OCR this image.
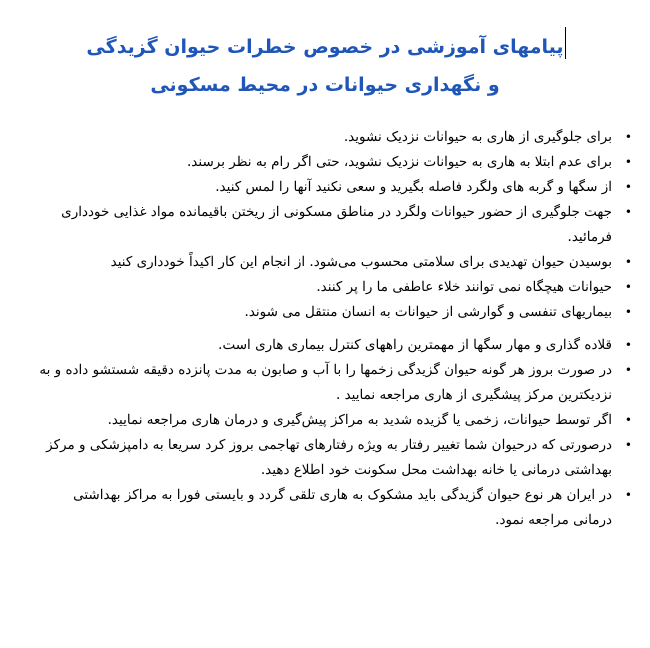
پیامهای آموزشی در خصوص خطرات حیوان گزیدگی
و نگهداری حیوانات در محیط مسکونی
•
برای جلوگیری از هاری به حیوانات نزدیک نشوید.
•
برای عدم ابتلا به هاری به حیوانات نزدیک نشوید، حتی اگر رام به نظر برسند.
•
از سگها و گربه های ولگرد فاصله بگیرید و سعی نکنید آنها را لمس کنید.
•
جهت جلوگیری از حضور حیوانات ولگرد در مناطق مسکونی از ریختن باقیمانده مواد غذایی خودداری فرمائید.
•
بوسیدن حیوان تهدیدی برای سلامتی محسوب می‌شود. از انجام این کار اکیداً خودداری کنید
•
حیوانات هیچگاه نمی توانند خلاء عاطفی ما را پر کنند.
•
بیماریهای تنفسی و گوارشی از حیوانات به انسان منتقل می شوند.
•
قلاده گذاری و مهار سگها از مهمترین راههای کنترل بیماری هاری است.
•
در صورت بروز هر گونه حیوان گزیدگی زخمها را با آب و صابون به مدت پانزده دقیقه شستشو داده و به نزدیکترین مرکز پیشگیری از هاری مراجعه نمایید .
•
اگر توسط حیوانات، زخمی یا گزیده شدید به مراکز پیش‌گیری و درمان هاری مراجعه نمایید.
•
درصورتی که درحیوان شما تغییر رفتار به ویژه رفتارهای تهاجمی بروز کرد سریعا به دامپزشکی و مرکز بهداشتی درمانی یا خانه بهداشت محل سکونت خود اطلاع دهید.
•
در ایران هر نوع حیوان گزیدگی باید مشکوک به هاری تلقی گردد و بایستی فورا به مراکز بهداشتی درمانی مراجعه نمود.
